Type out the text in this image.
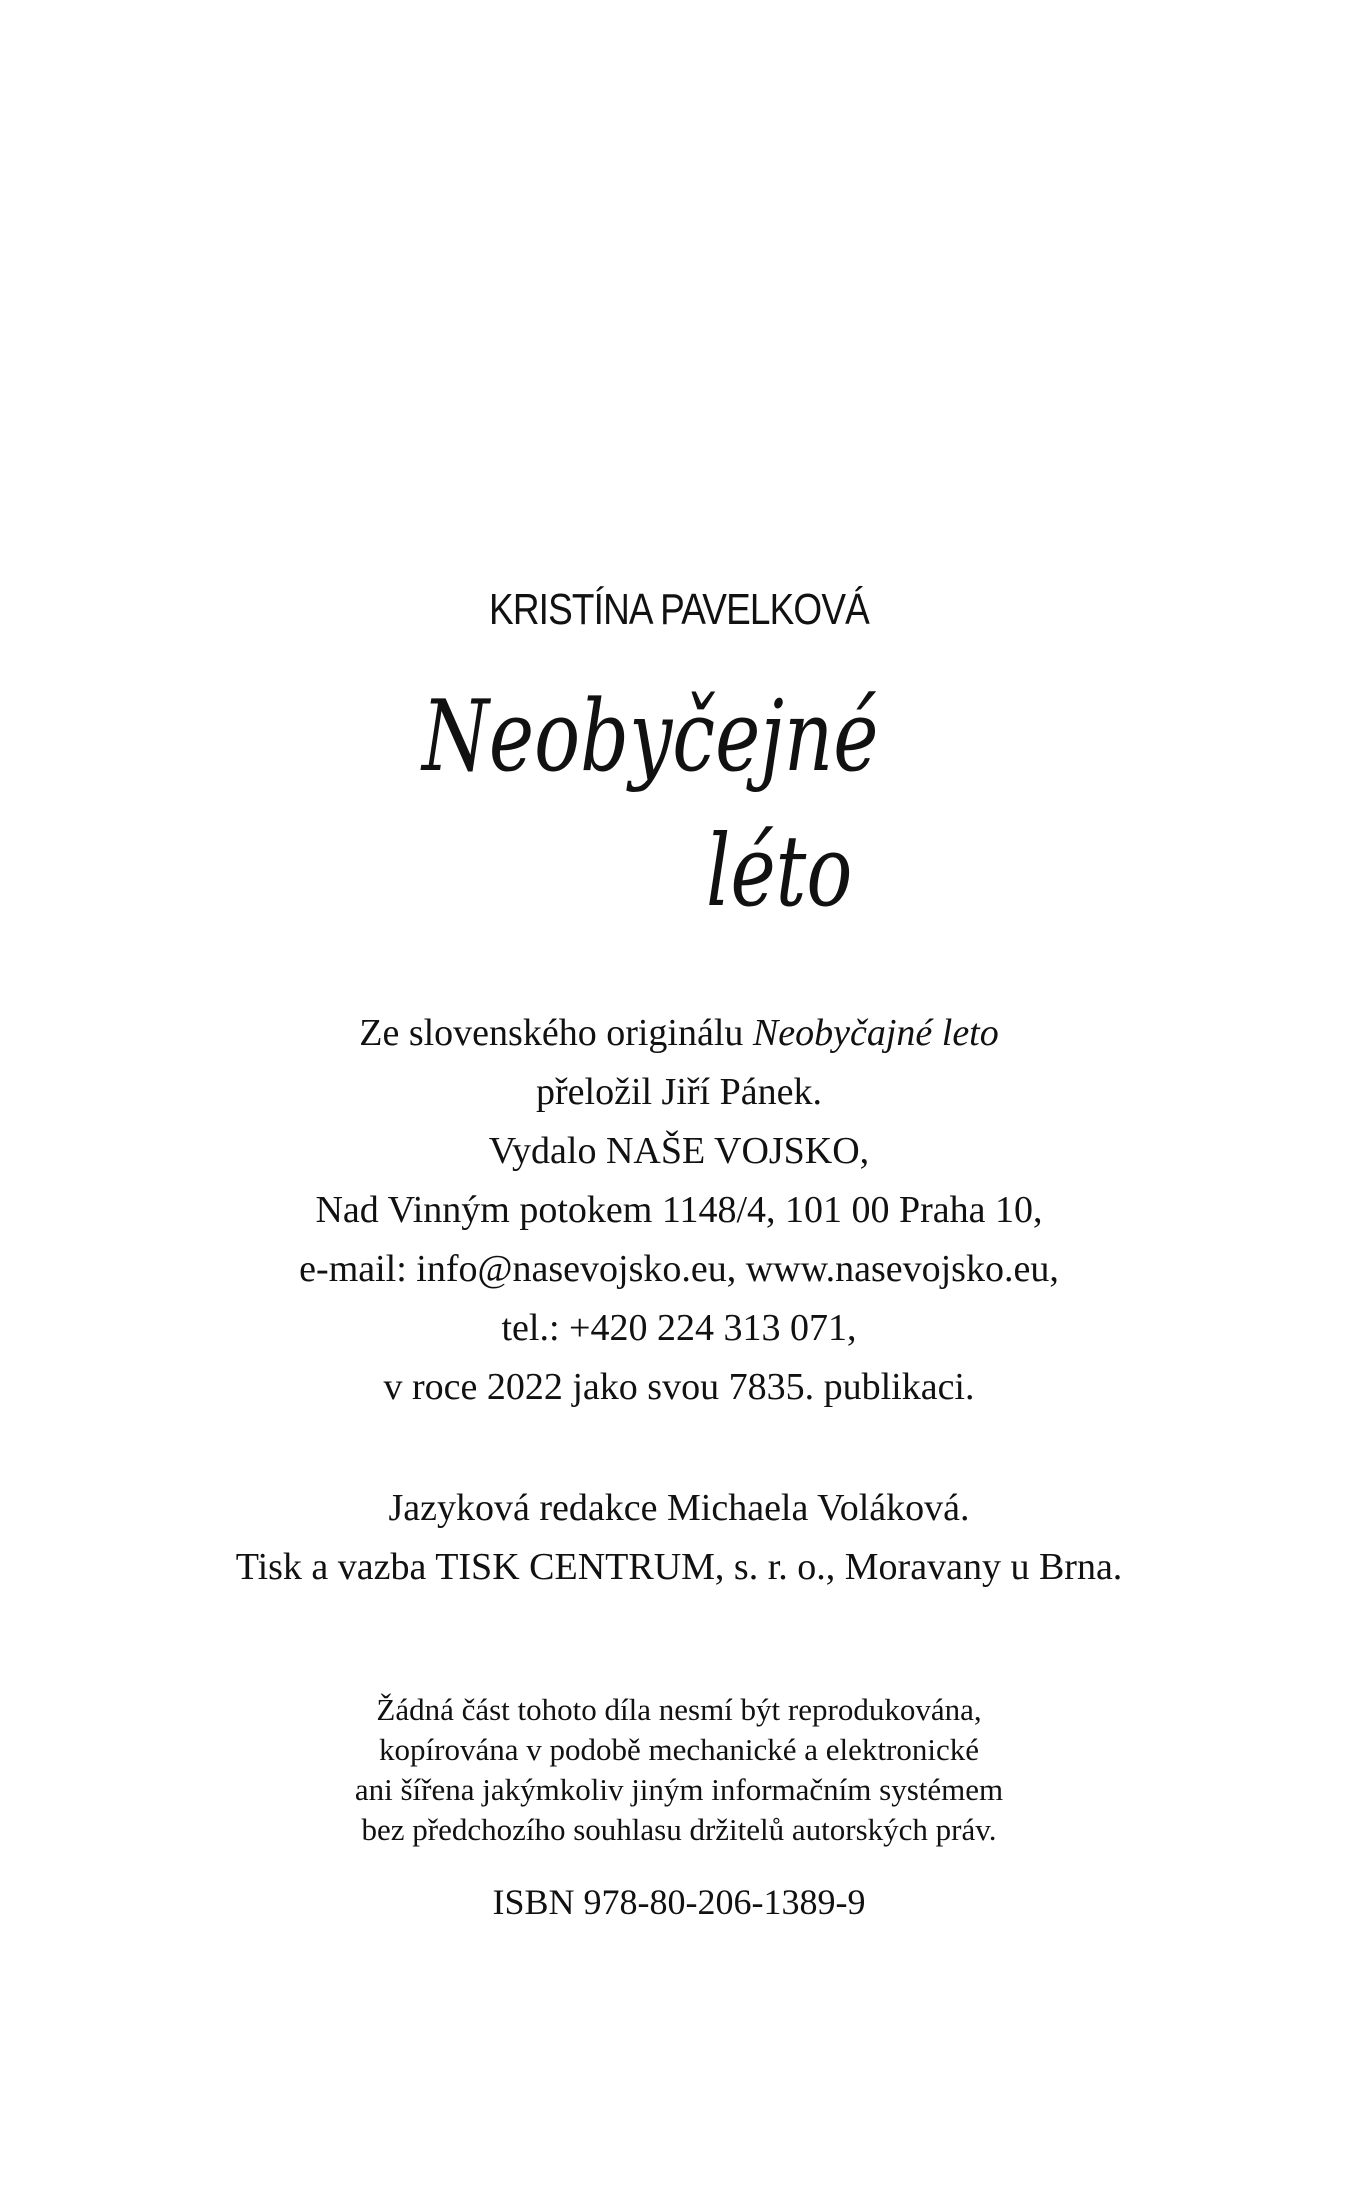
KRISTÍNA PAVELKOVÁ
Neobyčejné
léto
Ze slovenského originálu Neobyčajné leto
přeložil Jiří Pánek.
Vydalo NAŠE VOJSKO,
Nad Vinným potokem 1148/4, 101 00 Praha 10,
e-mail: info@nasevojsko.eu, www.nasevojsko.eu,
tel.: +420 224 313 071,
v roce 2022 jako svou 7835. publikaci.
Jazyková redakce Michaela Voláková.
Tisk a vazba TISK CENTRUM, s. r. o., Moravany u Brna.
Žádná část tohoto díla nesmí být reprodukována,
kopírována v podobě mechanické a elektronické
ani šířena jakýmkoliv jiným informačním systémem
bez předchozího souhlasu držitelů autorských práv.
ISBN 978-80-206-1389-9
